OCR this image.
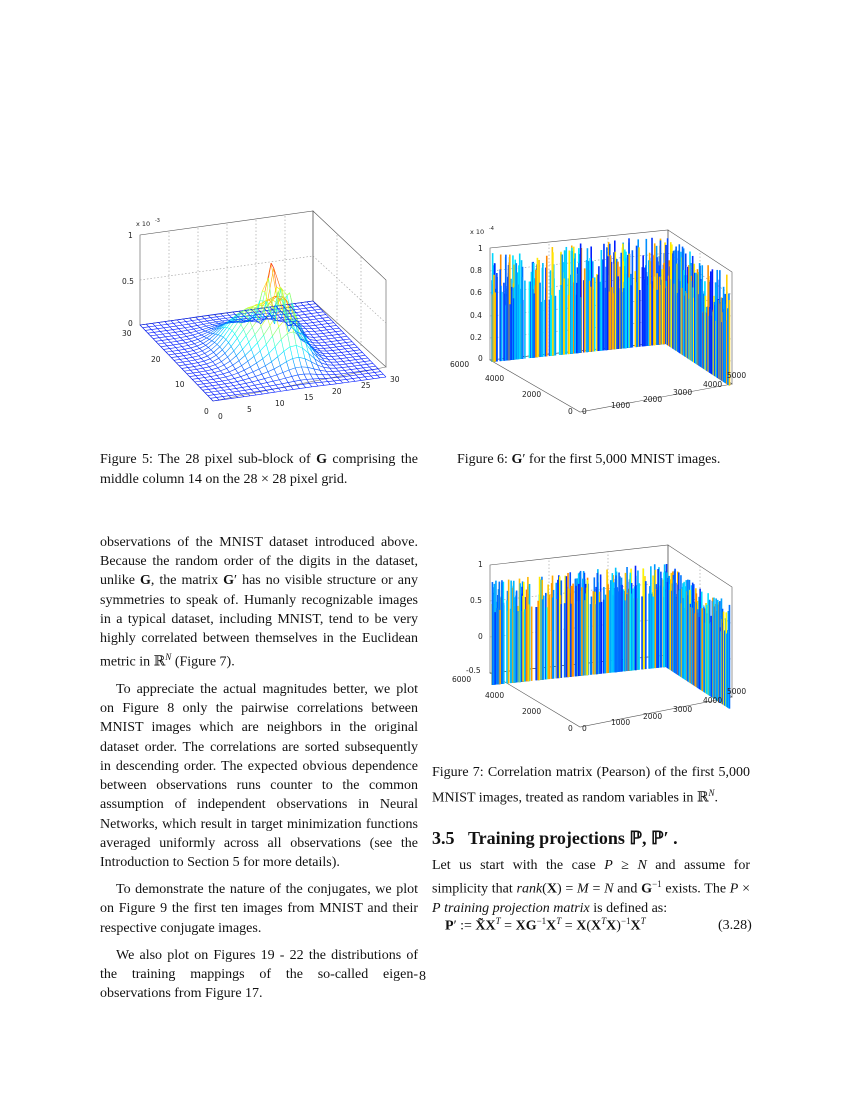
x 10 -3
1
0.5
0
30
20
10
0
0
5
10
15
20
25
30
x 10 -4
1
0.8
0.6
0.4
0.2
0
6000
4000
2000
0 0
1000
2000
3000
4000
5000
1
0.5
0
-0.5
6000
4000
2000
0 0
1000
2000
3000
4000
5000
Figure 5: The 28 pixel sub-block of G comprising the middle column 14 on the 28 × 28 pixel grid.
Figure 6: G′ for the first 5,000 MNIST images.
Figure 7: Correlation matrix (Pearson) of the first 5,000 MNIST images, treated as random variables in ℝ$^N$.

observations of the MNIST dataset introduced above. Because the random order of the digits in the dataset, unlike G, the matrix G′ has no visible structure or any symmetries to speak of. Humanly recognizable images in a typical dataset, including MNIST, tend to be very highly correlated between themselves in the Euclidean metric in ℝ$^N$ (Figure 7).

To appreciate the actual magnitudes better, we plot on Figure 8 only the pairwise correlations between MNIST images which are neighbors in the original dataset order. The correlations are sorted subsequently in descending order. The expected obvious dependence between observations runs counter to the common assumption of independent observations in Neural Networks, which result in target minimization functions averaged uniformly across all observations (see the Introduction to Section 5 for more details).

To demonstrate the nature of the conjugates, we plot on Figure 9 the first ten images from MNIST and their respective conjugate images.

We also plot on Figures 19 - 22 the distributions of the training mappings of the so-called eigen-observations from Figure 17.

3.5   Training projections ℙ, ℙ′ .
Let us start with the case P ≥ N and assume for simplicity that rank(X) = M = N and $G^{-1}$ exists. The P × P training projection matrix is defined as:
P′ := $X̃X^T = XG^{-1}X^T = X(X^TX)^{-1}X^T$	(3.28)
8
